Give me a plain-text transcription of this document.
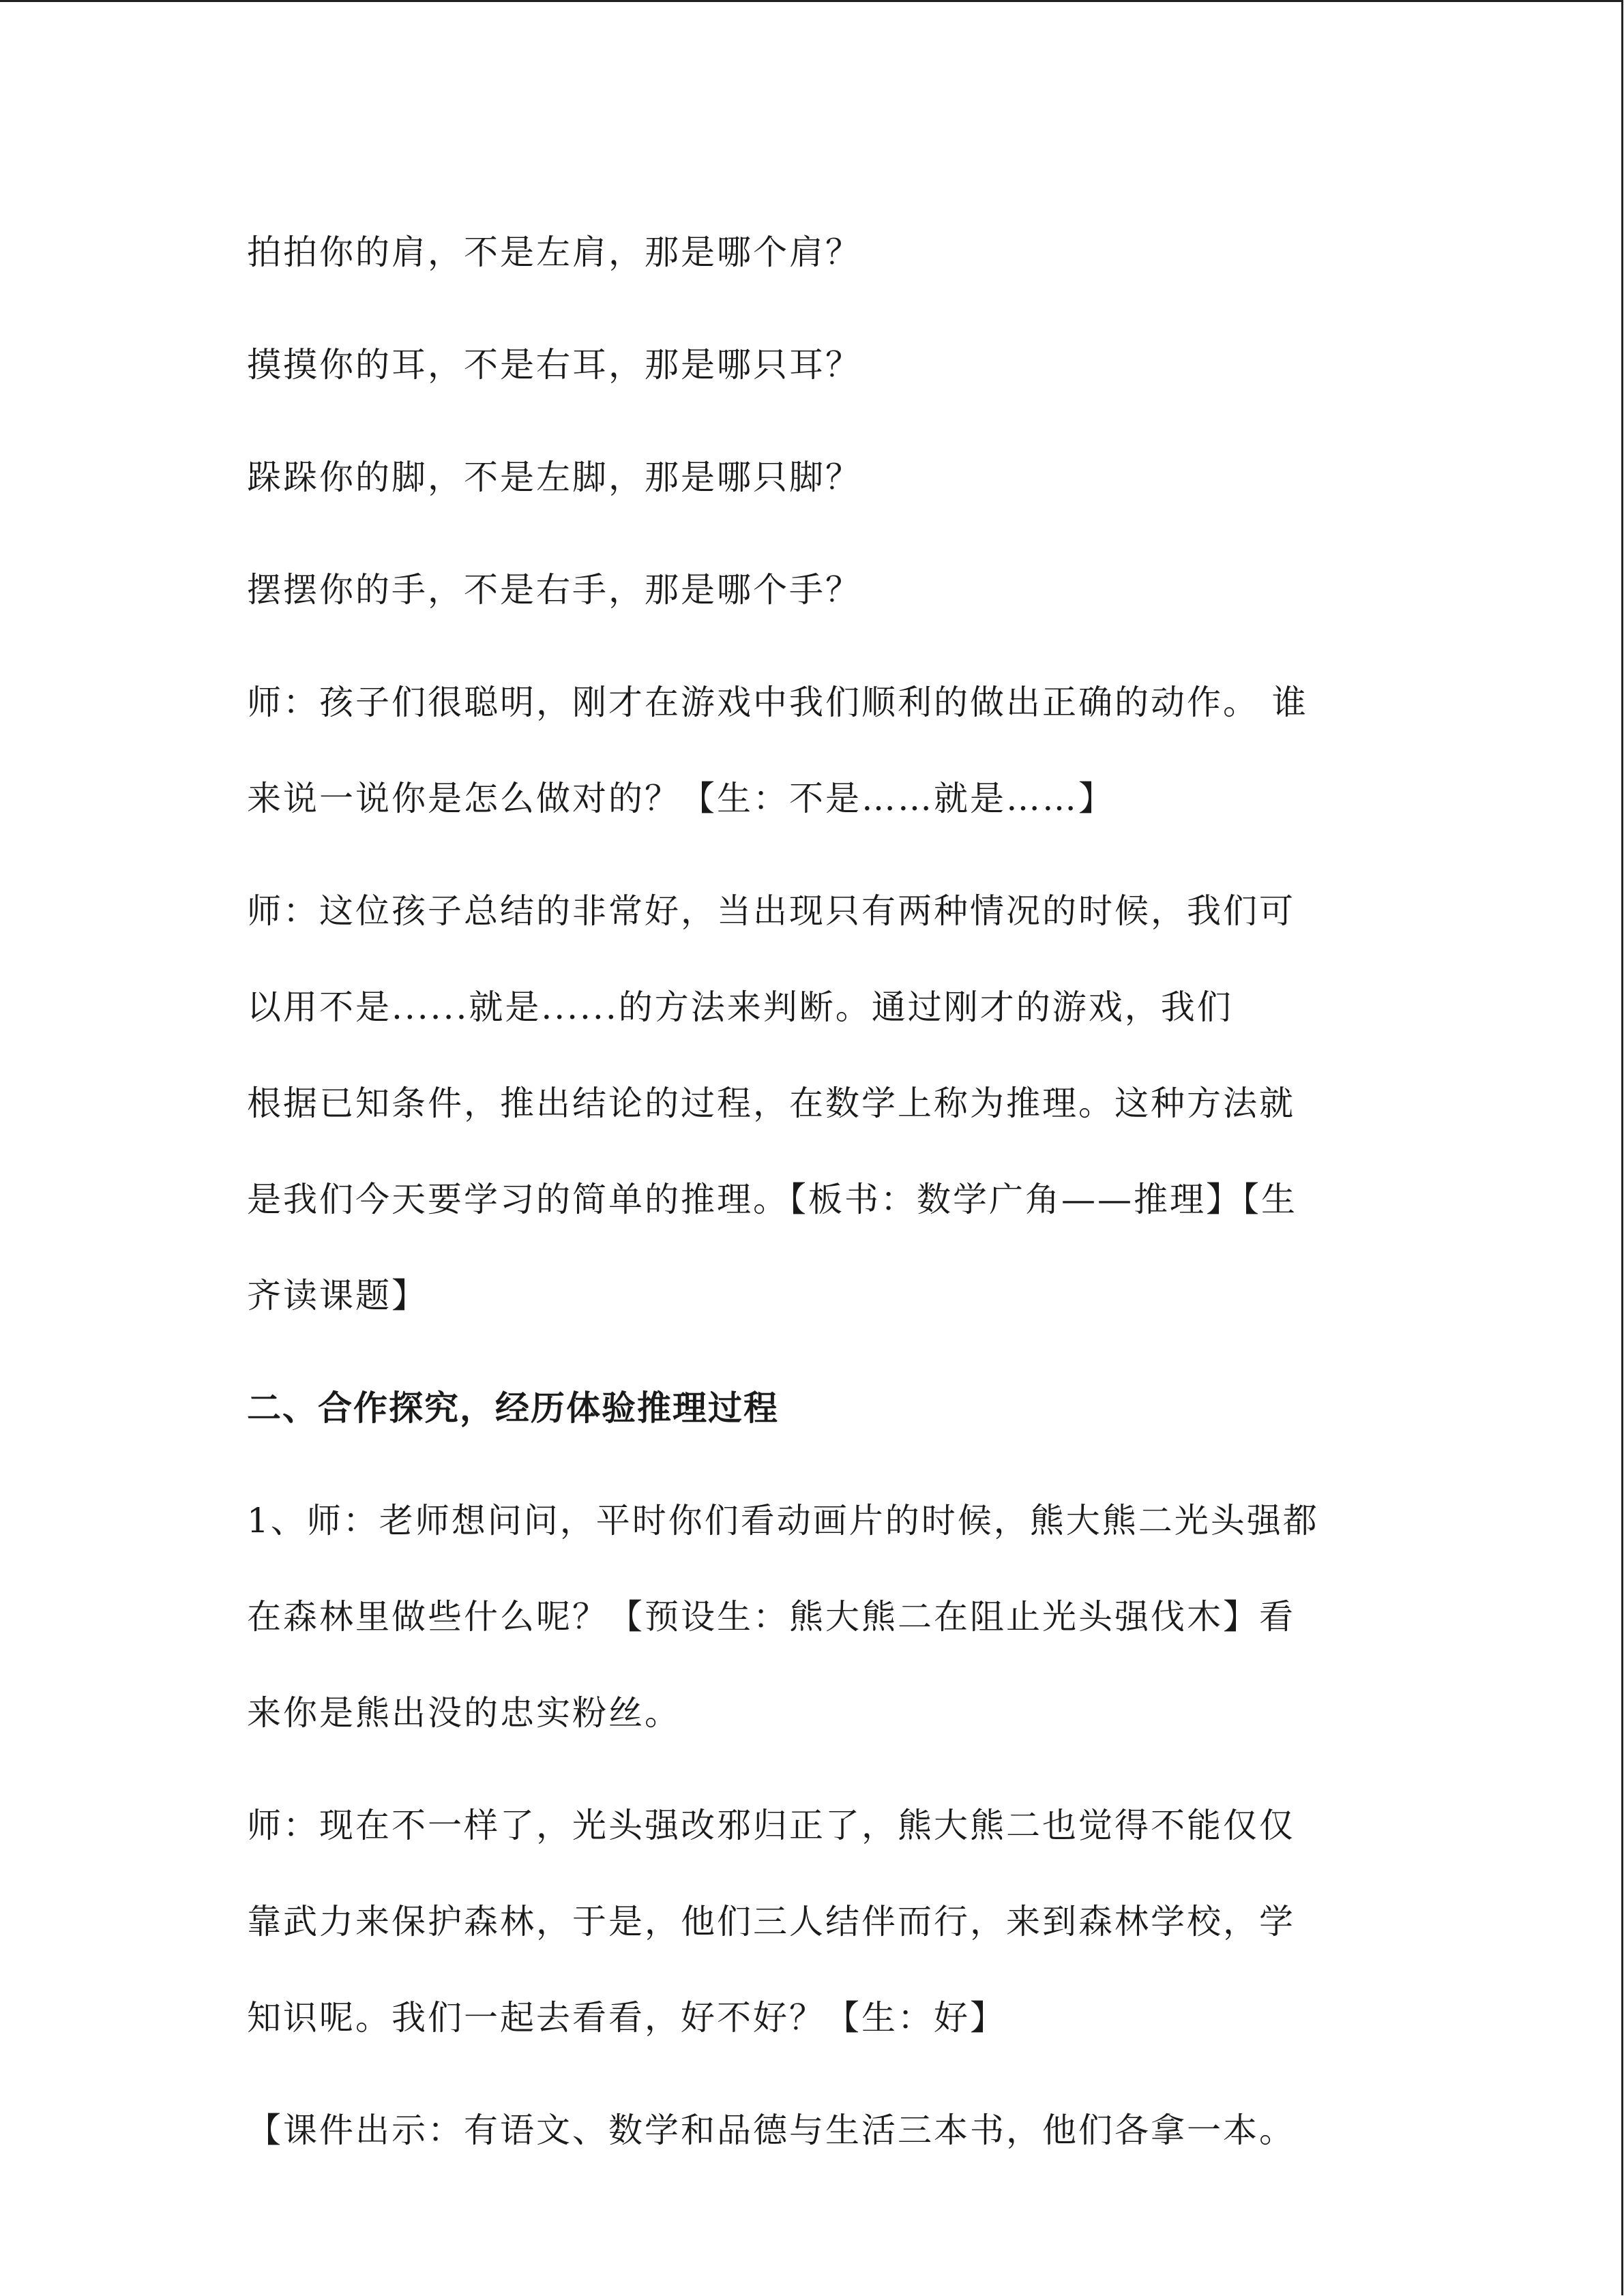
拍拍你的肩，不是左肩，那是哪个肩？

摸摸你的耳，不是右耳，那是哪只耳？

跺跺你的脚，不是左脚，那是哪只脚？

摆摆你的手，不是右手，那是哪个手？

师：孩子们很聪明，刚才在游戏中我们顺利的做出正确的动作。 谁
来说一说你是怎么做对的？【生：不是……就是……】

师：这位孩子总结的非常好，当出现只有两种情况的时候，我们可
以用不是......就是......的方法来判断。通过刚才的游戏，我们
根据已知条件，推出结论的过程，在数学上称为推理。这种方法就
是我们今天要学习的简单的推理。【板书：数学广角——推理】【生
齐读课题】

二、合作探究，经历体验推理过程

1、师：老师想问问，平时你们看动画片的时候，熊大熊二光头强都
在森林里做些什么呢？【预设生：熊大熊二在阻止光头强伐木】看
来你是熊出没的忠实粉丝。

师：现在不一样了，光头强改邪归正了，熊大熊二也觉得不能仅仅
靠武力来保护森林，于是，他们三人结伴而行，来到森林学校，学
知识呢。我们一起去看看，好不好？【生：好】

【课件出示：有语文、数学和品德与生活三本书，他们各拿一本。
